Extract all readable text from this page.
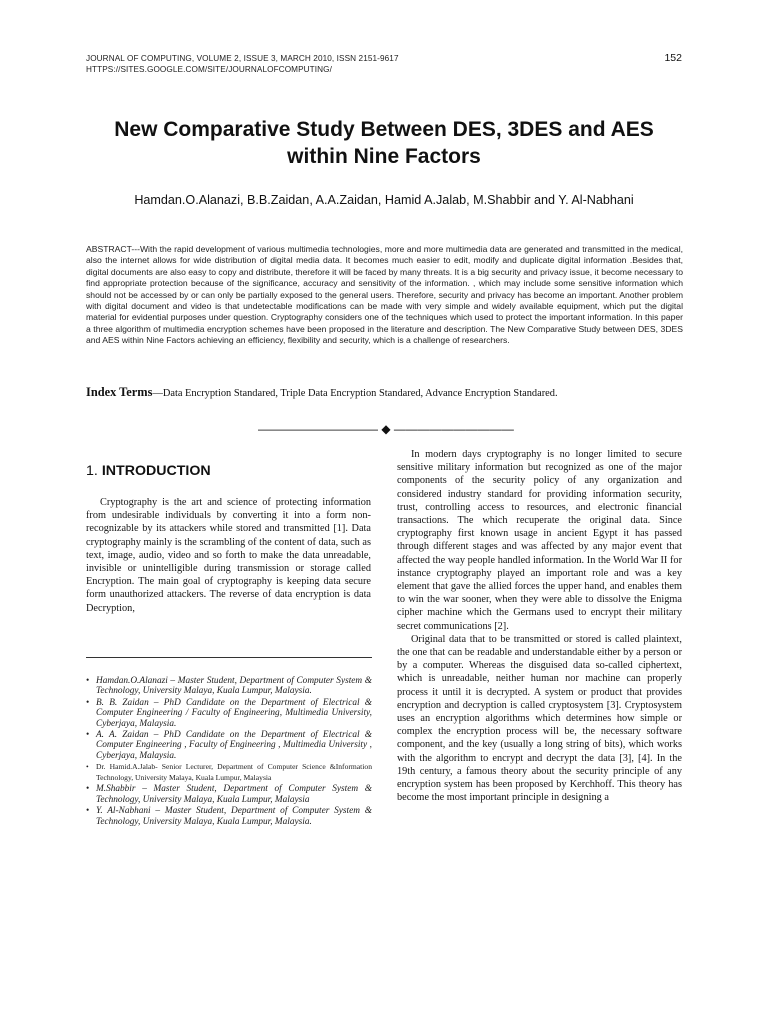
JOURNAL OF COMPUTING, VOLUME 2, ISSUE 3, MARCH 2010, ISSN 2151-9617
HTTPS://SITES.GOOGLE.COM/SITE/JOURNALOFCOMPUTING/
152
New Comparative Study Between DES, 3DES and AES
within Nine Factors
Hamdan.O.Alanazi, B.B.Zaidan, A.A.Zaidan, Hamid A.Jalab, M.Shabbir and Y. Al-Nabhani

ABSTRACT---With the rapid development of various multimedia technologies, more and more multimedia data are generated and transmitted in the medical, also the internet allows for wide distribution of digital media data. It becomes much easier to edit, modify and duplicate digital information .Besides that, digital documents are also easy to copy and distribute, therefore it will be faced by many threats. It is a big security and privacy issue, it become necessary to find appropriate protection because of the significance, accuracy and sensitivity of the information. , which may include some sensitive information which should not be accessed by or can only be partially exposed to the general users. Therefore, security and privacy has become an important. Another problem with digital document and video is that undetectable modifications can be made with very simple and widely available equipment, which put the digital material for evidential purposes under question. Cryptography considers one of the techniques which used to protect the important information. In this paper a three algorithm of multimedia encryption schemes have been proposed in the literature and description. The New Comparative Study between DES, 3DES and AES within Nine Factors achieving an efficiency, flexibility and security, which is a challenge of researchers.

Index Terms—Data Encryption Standared, Triple Data Encryption Standared, Advance Encryption Standared.
—————————— ◆ ——————————
1. INTRODUCTION

Cryptography is the art and science of protecting information from undesirable individuals by converting it into a form non-recognizable by its attackers while stored and transmitted [1]. Data cryptography mainly is the scrambling of the content of data, such as text, image, audio, video and so forth to make the data unreadable, invisible or unintelligible during transmission or storage called Encryption. The main goal of cryptography is keeping data secure form unauthorized attackers. The reverse of data encryption is data Decryption,

• Hamdan.O.Alanazi – Master Student, Department of Computer System & Technology, University Malaya, Kuala Lumpur, Malaysia.
• B. B. Zaidan – PhD Candidate on the Department of Electrical & Computer Engineering / Faculty of Engineering, Multimedia University, Cyberjaya, Malaysia.
• A. A. Zaidan – PhD Candidate on the Department of Electrical & Computer Engineering , Faculty of Engineering , Multimedia University , Cyberjaya, Malaysia.
• Dr. Hamid.A.Jalab- Senior Lecturer, Department of Computer Science &Information Technology, University Malaya, Kuala Lumpur, Malaysia
• M.Shabbir – Master Student, Department of Computer System & Technology, University Malaya, Kuala Lumpur, Malaysia
• Y. Al-Nabhani – Master Student, Department of Computer System & Technology, University Malaya, Kuala Lumpur, Malaysia.

In modern days cryptography is no longer limited to secure sensitive military information but recognized as one of the major components of the security policy of any organization and considered industry standard for providing information security, trust, controlling access to resources, and electronic financial transactions. The which recuperate the original data. Since cryptography first known usage in ancient Egypt it has passed through different stages and was affected by any major event that affected the way people handled information. In the World War II for instance cryptography played an important role and was a key element that gave the allied forces the upper hand, and enables them to win the war sooner, when they were able to dissolve the Enigma cipher machine which the Germans used to encrypt their military secret communications [2].

Original data that to be transmitted or stored is called plaintext, the one that can be readable and understandable either by a person or by a computer. Whereas the disguised data so-called ciphertext, which is unreadable, neither human nor machine can properly process it until it is decrypted. A system or product that provides encryption and decryption is called cryptosystem [3]. Cryptosystem uses an encryption algorithms which determines how simple or complex the encryption process will be, the necessary software component, and the key (usually a long string of bits), which works with the algorithm to encrypt and decrypt the data [3], [4]. In the 19th century, a famous theory about the security principle of any encryption system has been proposed by Kerchhoff. This theory has become the most important principle in designing a
